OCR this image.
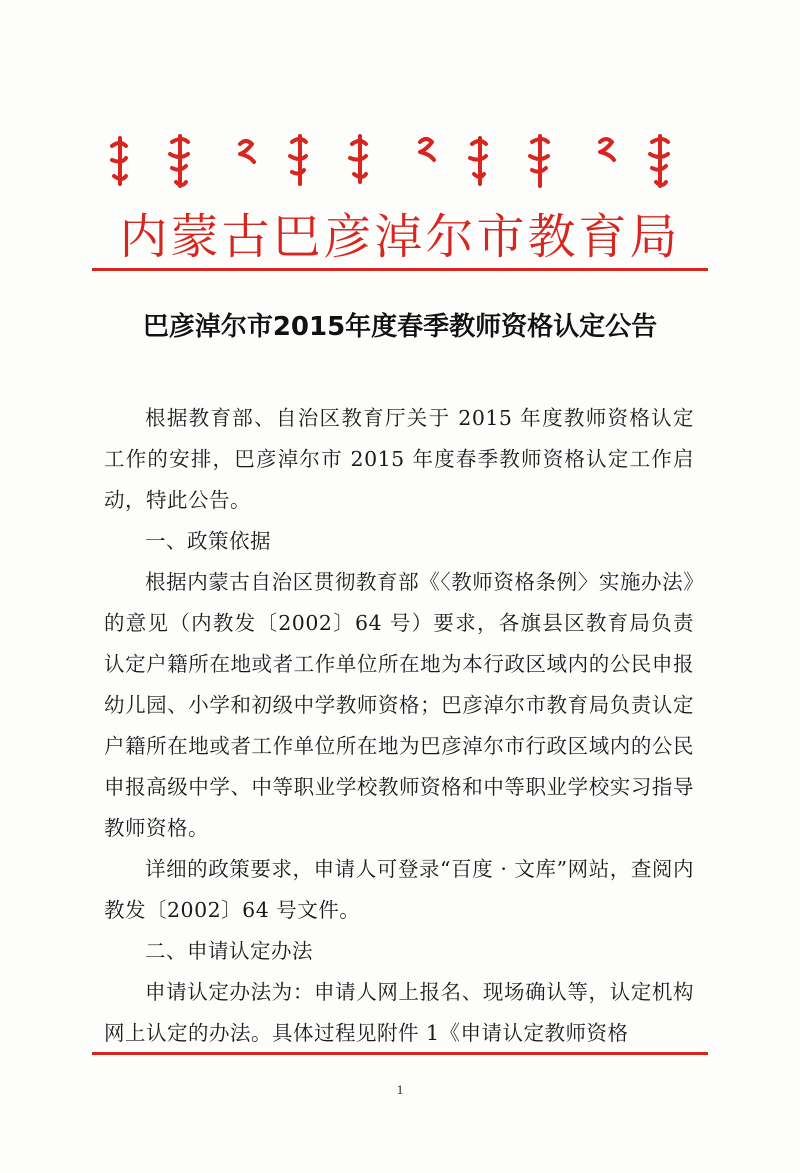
内蒙古巴彦淖尔市教育局
巴彦淖尔市2015年度春季教师资格认定公告

根据教育部、自治区教育厅关于 2015 年度教师资格认定工作的安排，巴彦淖尔市 2015 年度春季教师资格认定工作启动，特此公告。

一、政策依据

根据内蒙古自治区贯彻教育部《〈教师资格条例〉实施办法》的意见（内教发〔2002〕64 号）要求，各旗县区教育局负责认定户籍所在地或者工作单位所在地为本行政区域内的公民申报幼儿园、小学和初级中学教师资格；巴彦淖尔市教育局负责认定户籍所在地或者工作单位所在地为巴彦淖尔市行政区域内的公民申报高级中学、中等职业学校教师资格和中等职业学校实习指导教师资格。

详细的政策要求，申请人可登录“百度 · 文库”网站，查阅内教发〔2002〕64 号文件。

二、申请认定办法

申请认定办法为：申请人网上报名、现场确认等，认定机构网上认定的办法。具体过程见附件 1《申请认定教师资格

1
